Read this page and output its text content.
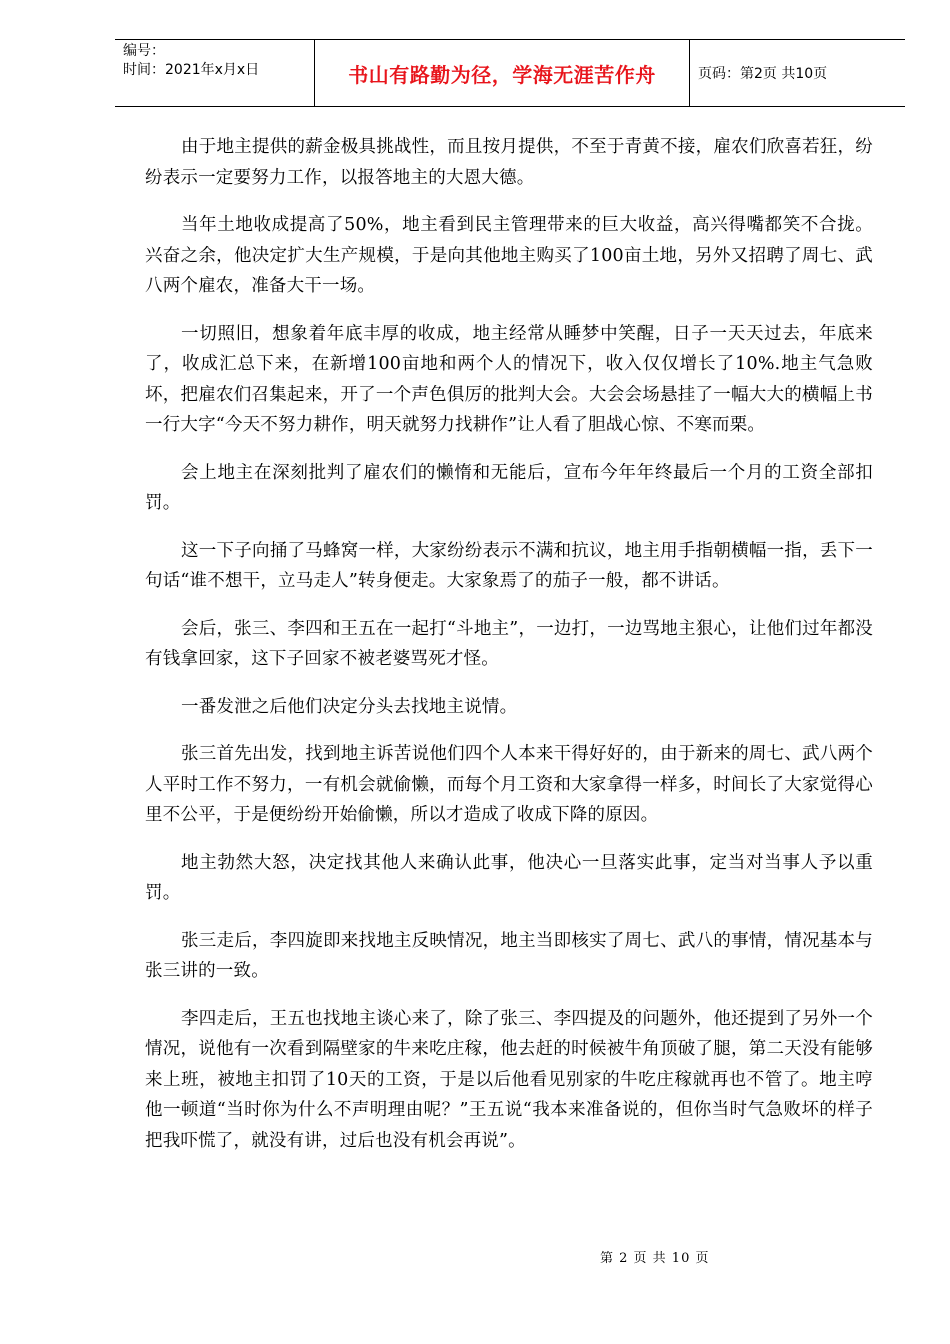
编号：
时间：2021年x月x日	书山有路勤为径，学海无涯苦作舟	页码：第2页 共10页

由于地主提供的薪金极具挑战性，而且按月提供，不至于青黄不接，雇农们欣喜若狂，纷纷表示一定要努力工作，以报答地主的大恩大德。

当年土地收成提高了50%，地主看到民主管理带来的巨大收益，高兴得嘴都笑不合拢。兴奋之余，他决定扩大生产规模，于是向其他地主购买了100亩土地，另外又招聘了周七、武八两个雇农，准备大干一场。

一切照旧，想象着年底丰厚的收成，地主经常从睡梦中笑醒，日子一天天过去，年底来了，收成汇总下来，在新增100亩地和两个人的情况下，收入仅仅增长了10%.地主气急败坏，把雇农们召集起来，开了一个声色俱厉的批判大会。大会会场悬挂了一幅大大的横幅上书一行大字“今天不努力耕作，明天就努力找耕作”让人看了胆战心惊、不寒而栗。

会上地主在深刻批判了雇农们的懒惰和无能后，宣布今年年终最后一个月的工资全部扣罚。

这一下子向捅了马蜂窝一样，大家纷纷表示不满和抗议，地主用手指朝横幅一指，丢下一句话“谁不想干，立马走人”转身便走。大家象焉了的茄子一般，都不讲话。

会后，张三、李四和王五在一起打“斗地主”，一边打，一边骂地主狠心，让他们过年都没有钱拿回家，这下子回家不被老婆骂死才怪。

一番发泄之后他们决定分头去找地主说情。

张三首先出发，找到地主诉苦说他们四个人本来干得好好的，由于新来的周七、武八两个人平时工作不努力，一有机会就偷懒，而每个月工资和大家拿得一样多，时间长了大家觉得心里不公平，于是便纷纷开始偷懒，所以才造成了收成下降的原因。

地主勃然大怒，决定找其他人来确认此事，他决心一旦落实此事，定当对当事人予以重罚。

张三走后，李四旋即来找地主反映情况，地主当即核实了周七、武八的事情，情况基本与张三讲的一致。

李四走后，王五也找地主谈心来了，除了张三、李四提及的问题外，他还提到了另外一个情况，说他有一次看到隔壁家的牛来吃庄稼，他去赶的时候被牛角顶破了腿，第二天没有能够来上班，被地主扣罚了10天的工资，于是以后他看见别家的牛吃庄稼就再也不管了。地主哼他一顿道“当时你为什么不声明理由呢？”王五说“我本来准备说的，但你当时气急败坏的样子把我吓慌了，就没有讲，过后也没有机会再说”。

第 2 页 共 10 页
